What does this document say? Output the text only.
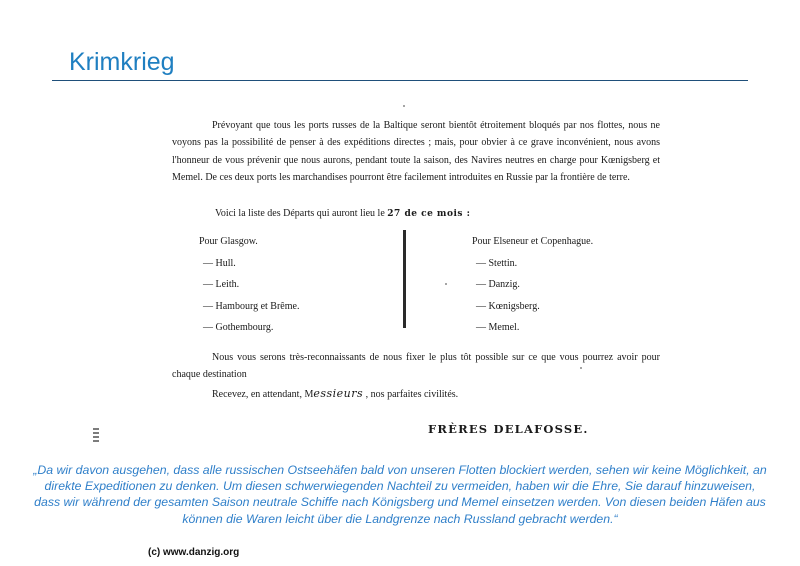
Krimkrieg

Prévoyant que tous les ports russes de la Baltique seront bientôt étroitement bloqués par nos flottes, nous ne voyons pas la possibilité de penser à des expéditions directes ; mais, pour obvier à ce grave inconvénient, nous avons l'honneur de vous prévenir que nous aurons, pendant toute la saison, des Navires neutres en charge pour Kœnigsberg et Memel. De ces deux ports les marchandises pourront être facilement introduites en Russie par la frontière de terre.

Voici la liste des Départs qui auront lieu le 27 de ce mois :

Pour Glasgow.
— Hull.
— Leith.
— Hambourg et Brême.
— Gothembourg.
Pour Elseneur et Copenhague.
— Stettin.
— Danzig.
— Kœnigsberg.
— Memel.

Nous vous serons très-reconnaissants de nous fixer le plus tôt possible sur ce que vous pourrez avoir pour chaque destination

Recevez, en attendant, Messieurs , nos parfaites civilités.

FRÈRES DELAFOSSE.
„Da wir davon ausgehen, dass alle russischen Ostseehäfen bald von unseren Flotten blockiert werden, sehen wir keine Möglichkeit, an direkte Expeditionen zu denken. Um diesen schwerwiegenden Nachteil zu vermeiden, haben wir die Ehre, Sie darauf hinzuweisen, dass wir während der gesamten Saison neutrale Schiffe nach Königsberg und Memel einsetzen werden. Von diesen beiden Häfen aus können die Waren leicht über die Landgrenze nach Russland gebracht werden.“
(c) www.danzig.org
